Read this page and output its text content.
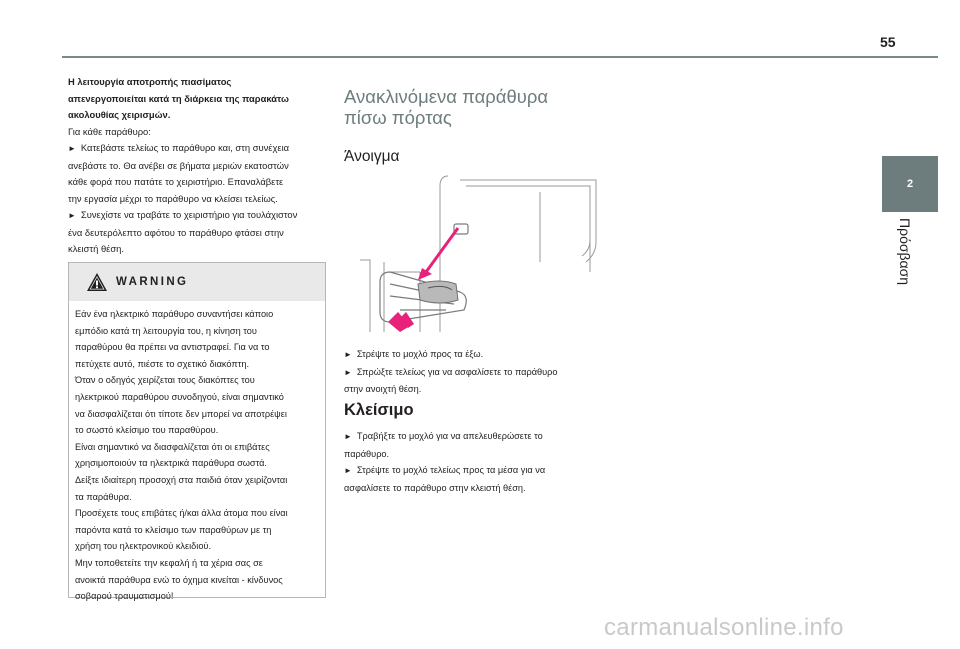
55
2
Πρόσβαση
Η λειτουργία αποτροπής πιασίματος
απενεργοποιείται κατά τη διάρκεια της παρακάτω
ακολουθίας χειρισμών.
Για κάθε παράθυρο:
► Κατεβάστε τελείως το παράθυρο και, στη συνέχεια
ανεβάστε το. Θα ανέβει σε βήματα μεριών εκατοστών
κάθε φορά που πατάτε το χειριστήριο. Επαναλάβετε
την εργασία μέχρι το παράθυρο να κλείσει τελείως.
► Συνεχίστε να τραβάτε το χειριστήριο για τουλάχιστον
ένα δευτερόλεπτο αφότου το παράθυρο φτάσει στην
κλειστή θέση.
WARNING
Εάν ένα ηλεκτρικό παράθυρο συναντήσει κάποιο
εμπόδιο κατά τη λειτουργία του, η κίνηση του
παραθύρου θα πρέπει να αντιστραφεί. Για να το
πετύχετε αυτό, πιέστε το σχετικό διακόπτη.
Όταν ο οδηγός χειρίζεται τους διακόπτες του
ηλεκτρικού παραθύρου συνοδηγού, είναι σημαντικό
να διασφαλίζεται ότι τίποτε δεν μπορεί να αποτρέψει
το σωστό κλείσιμο του παραθύρου.
Είναι σημαντικό να διασφαλίζεται ότι οι επιβάτες
χρησιμοποιούν τα ηλεκτρικά παράθυρα σωστά.
Δείξτε ιδιαίτερη προσοχή στα παιδιά όταν χειρίζονται
τα παράθυρα.
Προσέχετε τους επιβάτες ή/και άλλα άτομα που είναι
παρόντα κατά το κλείσιμο των παραθύρων με τη
χρήση του ηλεκτρονικού κλειδιού.
Μην τοποθετείτε την κεφαλή ή τα χέρια σας σε
ανοικτά παράθυρα ενώ το όχημα κινείται - κίνδυνος
σοβαρού τραυματισμού!
Ανακλινόμενα παράθυρα
πίσω πόρτας
Άνοιγμα
► Στρέψτε το μοχλό προς τα έξω.
► Σπρώξτε τελείως για να ασφαλίσετε το παράθυρο
στην ανοιχτή θέση.
Κλείσιμο
► Τραβήξτε το μοχλό για να απελευθερώσετε το
παράθυρο.
► Στρέψτε το μοχλό τελείως προς τα μέσα για να
ασφαλίσετε το παράθυρο στην κλειστή θέση.
carmanualsonline.info
